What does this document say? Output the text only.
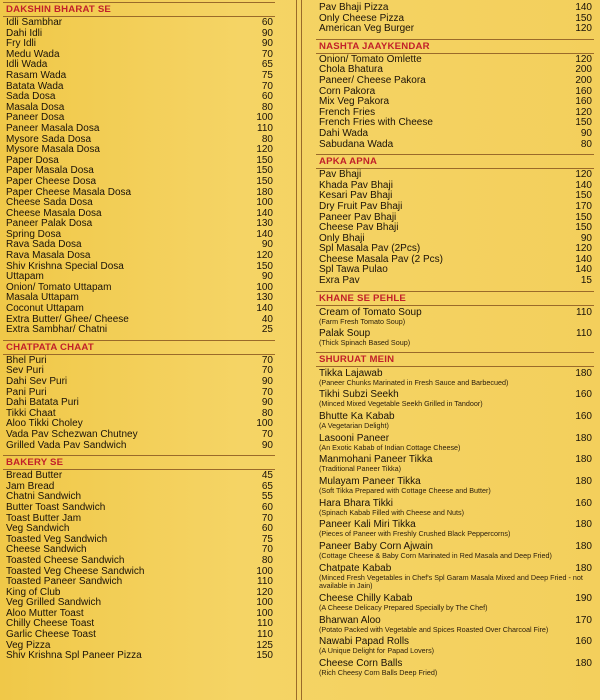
DAKSHIN BHARAT SE
Idli Sambhar	60
Dahi Idli	90
Fry Idli	90
Medu Wada	70
Idli Wada	65
Rasam Wada	75
Batata Wada	70
Sada Dosa	60
Masala Dosa	80
Paneer Dosa	100
Paneer Masala Dosa	110
Mysore Sada Dosa	80
Mysore Masala Dosa	120
Paper Dosa	150
Paper Masala Dosa	150
Paper Cheese Dosa	150
Paper Cheese Masala Dosa	180
Cheese Sada Dosa	100
Cheese Masala Dosa	140
Paneer Palak Dosa	130
Spring Dosa	140
Rava Sada Dosa	90
Rava Masala Dosa	120
Shiv Krishna Special Dosa	150
Uttapam	90
Onion/ Tomato Uttapam	100
Masala Uttapam	130
Coconut Uttapam	140
Extra Butter/ Ghee/ Cheese	40
Extra Sambhar/ Chatni	25
CHATPATA CHAAT
Bhel Puri	70
Sev Puri	70
Dahi Sev Puri	90
Pani Puri	70
Dahi Batata Puri	90
Tikki Chaat	80
Aloo Tikki Choley	100
Vada Pav Schezwan Chutney	70
Grilled Vada Pav Sandwich	90
BAKERY SE
Bread Butter	45
Jam Bread	65
Chatni Sandwich	55
Butter Toast Sandwich	60
Toast Butter Jam	70
Veg Sandwich	60
Toasted Veg Sandwich	75
Cheese Sandwich	70
Toasted Cheese Sandwich	80
Toasted Veg Cheese Sandwich	100
Toasted Paneer Sandwich	110
King of Club	120
Veg Grilled Sandwich	100
Aloo Mutter Toast	100
Chilly Cheese Toast	110
Garlic Cheese Toast	110
Veg Pizza	125
Shiv Krishna Spl Paneer Pizza	150
Pav Bhaji Pizza	140
Only Cheese Pizza	150
American Veg Burger	120
NASHTA JAAYKENDAR
Onion/ Tomato Omlette	120
Chola Bhatura	200
Paneer/ Cheese Pakora	200
Corn Pakora	160
Mix Veg Pakora	160
French Fries	120
French Fries with Cheese	150
Dahi Wada	90
Sabudana Wada	80
APKA APNA
Pav Bhaji	120
Khada Pav Bhaji	140
Kesari Pav Bhaji	150
Dry Fruit Pav Bhaji	170
Paneer Pav Bhaji	150
Cheese Pav Bhaji	150
Only Bhaji	90
Spl Masala Pav (2Pcs)	120
Cheese Masala Pav (2 Pcs)	140
Spl Tawa Pulao	140
Exra Pav	15
KHANE SE PEHLE
Cream of Tomato Soup	110
(Farm Fresh Tomato Soup)
Palak Soup	110
(Thick Spinach Based Soup)
SHURUAT MEIN
Tikka Lajawab	180
(Paneer Chunks Marinated in Fresh Sauce and Barbecued)
Tikhi Subzi Seekh	160
(Minced Mixed Vegetable Seekh Grilled in Tandoor)
Bhutte Ka Kabab	160
(A Vegetarian Delight)
Lasooni Paneer	180
(An Exotic Kabab of Indian Cottage Cheese)
Manmohani Paneer Tikka	180
(Traditional Paneer Tikka)
Mulayam Paneer Tikka	180
(Soft Tikka Prepared with Cottage Cheese and Butter)
Hara Bhara Tikki	160
(Spinach Kabab Filled with Cheese and Nuts)
Paneer Kali Miri Tikka	180
(Pieces of Paneer with Freshly Crushed Black Peppercorns)
Paneer Baby Corn Ajwain	180
(Cottage Cheese & Baby Corn Marinated in Red Masala and Deep Fried)
Chatpate Kabab	180
(Minced Fresh Vegetables in Chef's Spl Garam Masala Mixed and Deep Fried - not available in Jain)
Cheese Chilly Kabab	190
(A Cheese Delicacy Prepared Specially by The Chef)
Bharwan Aloo	170
(Potato Packed with Vegetable and Spices Roasted Over Charcoal Fire)
Nawabi Papad Rolls	160
(A Unique Delight for Papad Lovers)
Cheese Corn Balls	180
(Rich Cheesy Corn Balls Deep Fried)
